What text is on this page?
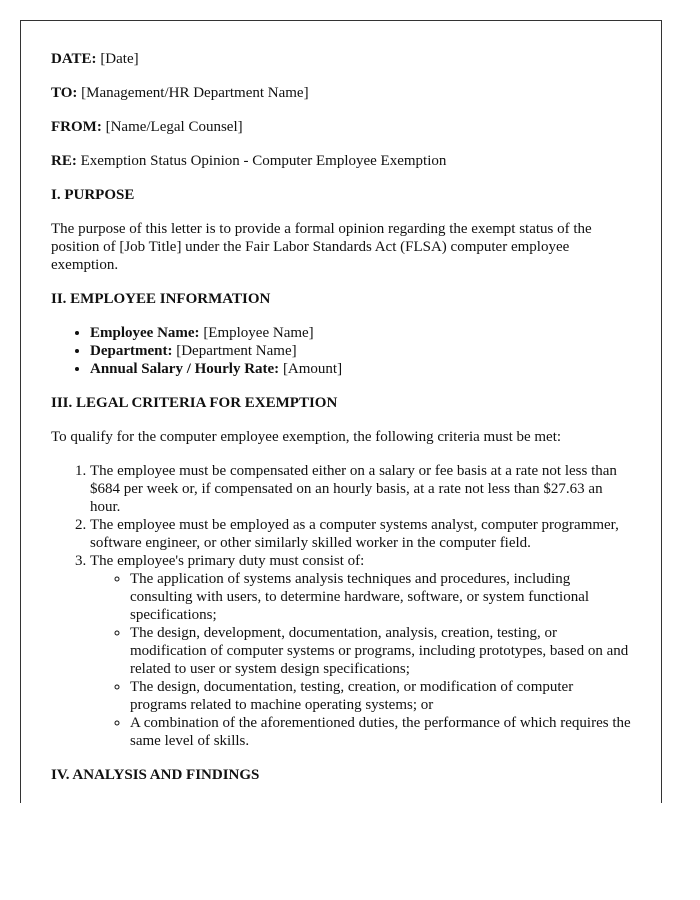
DATE: [Date]

TO: [Management/HR Department Name]

FROM: [Name/Legal Counsel]

RE: Exemption Status Opinion - Computer Employee Exemption

I. PURPOSE

The purpose of this letter is to provide a formal opinion regarding the exempt status of the position of [Job Title] under the Fair Labor Standards Act (FLSA) computer employee exemption.

II. EMPLOYEE INFORMATION
• Employee Name: [Employee Name]
• Department: [Department Name]
• Annual Salary / Hourly Rate: [Amount]
III. LEGAL CRITERIA FOR EXEMPTION

To qualify for the computer employee exemption, the following criteria must be met:

1. The employee must be compensated either on a salary or fee basis at a rate not less than $684 per week or, if compensated on an hourly basis, at a rate not less than $27.63 an hour.
2. The employee must be employed as a computer systems analyst, computer programmer, software engineer, or other similarly skilled worker in the computer field.
3. The employee's primary duty must consist of:
◦ The application of systems analysis techniques and procedures, including consulting with users, to determine hardware, software, or system functional specifications;
◦ The design, development, documentation, analysis, creation, testing, or modification of computer systems or programs, including prototypes, based on and related to user or system design specifications;
◦ The design, documentation, testing, creation, or modification of computer programs related to machine operating systems; or
◦ A combination of the aforementioned duties, the performance of which requires the same level of skills.
IV. ANALYSIS AND FINDINGS
